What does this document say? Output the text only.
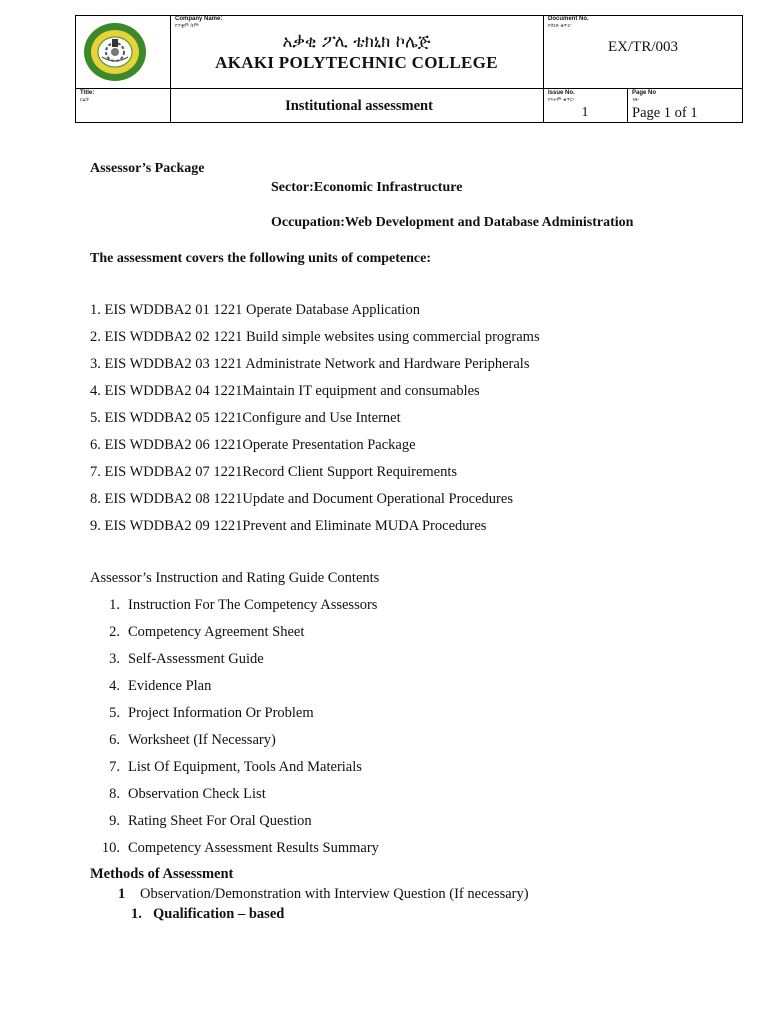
Company Name:
የተቋም ስም፡
አቃቂ ፖሊ ቴክኒክ ኮሌጅ
AKAKI POLYTECHNIC COLLEGE
Document No.
የሰነድ ቁጥር፡
EX/TR/003
Title:
ርዕስ፡	Institutional assessment
Issue No.
የእትም ቁጥር፡
1
Page No
ገጽ፡
Page 1 of 1
Assessor’s Package
Sector:Economic Infrastructure
Occupation:Web Development and Database Administration
The assessment covers the following units of competence:
1. EIS WDDBA2 01 1221 Operate Database Application
2. EIS WDDBA2 02 1221 Build simple websites using commercial programs
3. EIS WDDBA2 03 1221 Administrate Network and Hardware Peripherals
4. EIS WDDBA2 04 1221Maintain IT equipment and consumables
5. EIS WDDBA2 05 1221Configure and Use Internet
6. EIS WDDBA2 06 1221Operate Presentation Package
7. EIS WDDBA2 07 1221Record Client Support Requirements
8. EIS WDDBA2 08 1221Update and Document Operational Procedures
9. EIS WDDBA2 09 1221Prevent and Eliminate MUDA Procedures
Assessor’s Instruction and Rating Guide Contents
1. Instruction For The Competency Assessors
2. Competency Agreement Sheet
3. Self-Assessment Guide
4. Evidence Plan
5. Project Information Or Problem
6. Worksheet (If Necessary)
7. List Of Equipment, Tools And Materials
8. Observation Check List
9. Rating Sheet For Oral Question
10. Competency Assessment Results Summary
Methods of Assessment
1 Observation/Demonstration with Interview Question (If necessary)
1. Qualification – based
